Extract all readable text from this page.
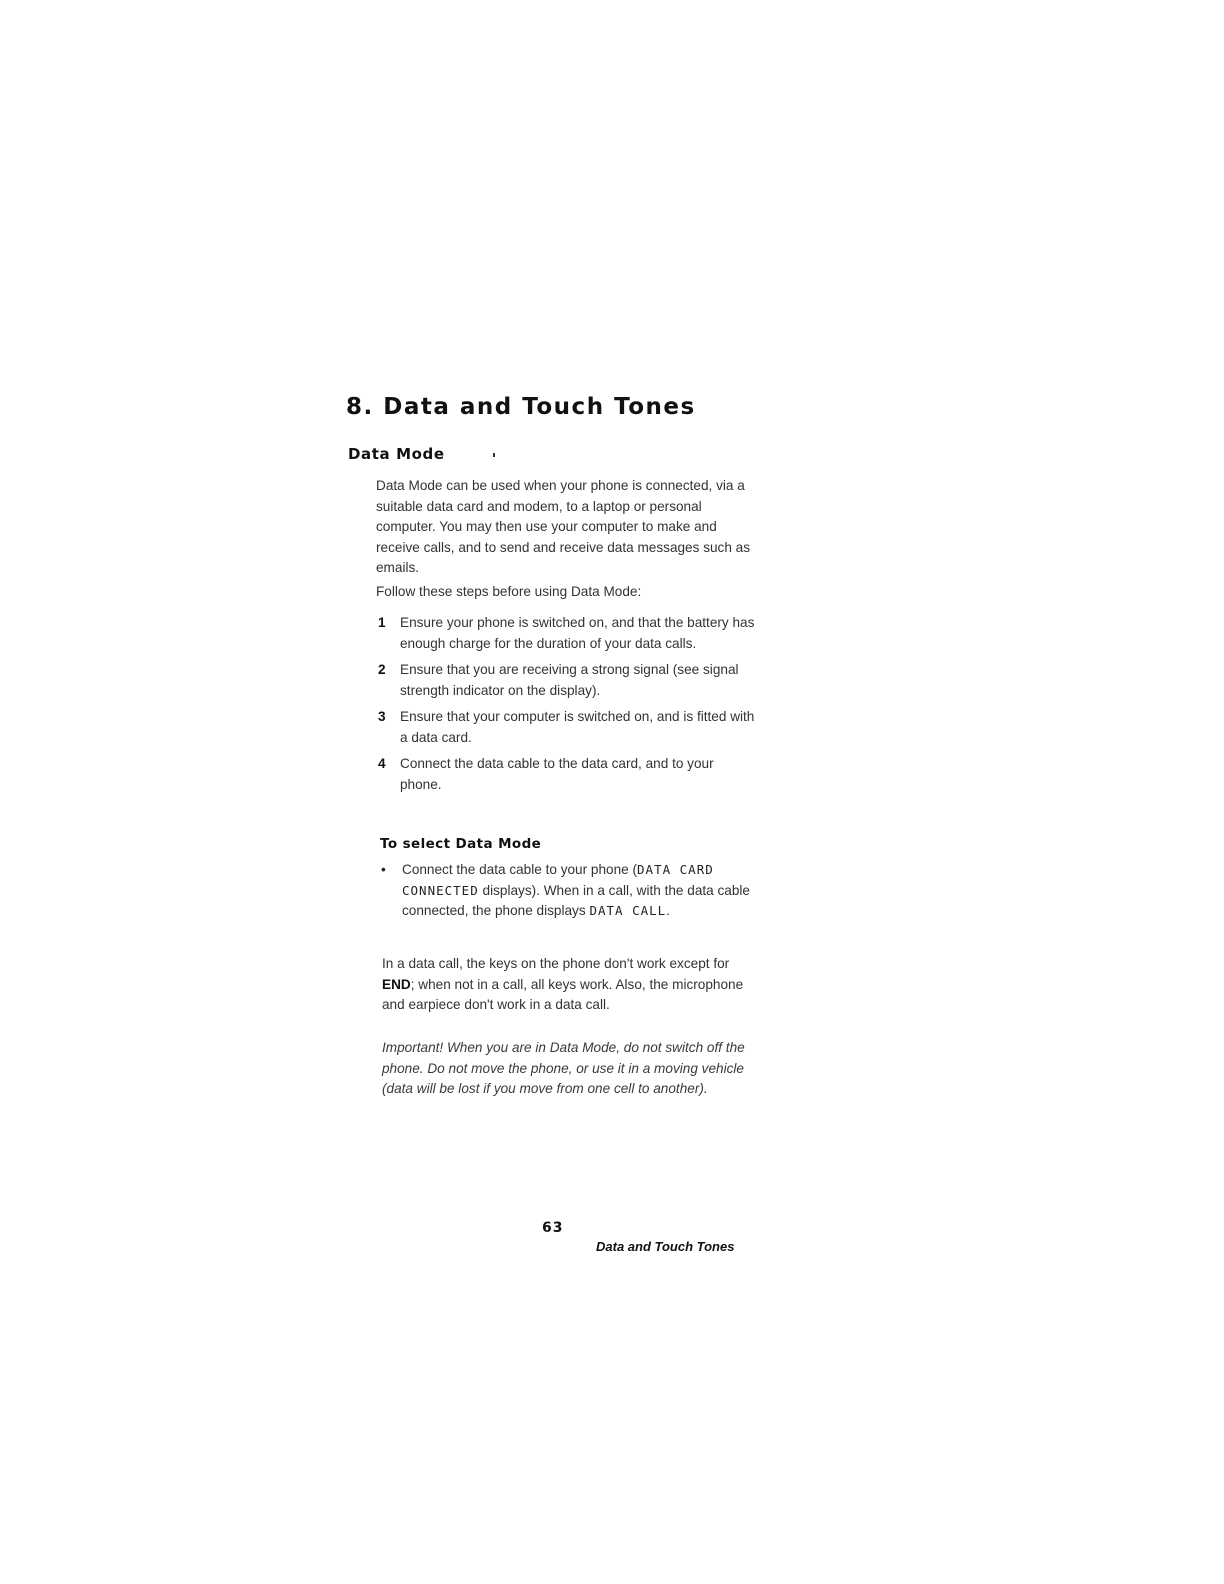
8. Data and Touch Tones
Data Mode

Data Mode can be used when your phone is connected, via a suitable data card and modem, to a laptop or personal computer. You may then use your computer to make and receive calls, and to send and receive data messages such as emails.

Follow these steps before using Data Mode:

1 Ensure your phone is switched on, and that the battery has enough charge for the duration of your data calls.
2 Ensure that you are receiving a strong signal (see signal strength indicator on the display).
3 Ensure that your computer is switched on, and is fitted with a data card.
4 Connect the data cable to the data card, and to your phone.
To select Data Mode
• Connect the data cable to your phone (DATA CARD CONNECTED displays). When in a call, with the data cable connected, the phone displays DATA CALL.

In a data call, the keys on the phone don't work except for END; when not in a call, all keys work. Also, the microphone and earpiece don't work in a data call.

Important! When you are in Data Mode, do not switch off the phone. Do not move the phone, or use it in a moving vehicle (data will be lost if you move from one cell to another).

63

Data and Touch Tones
